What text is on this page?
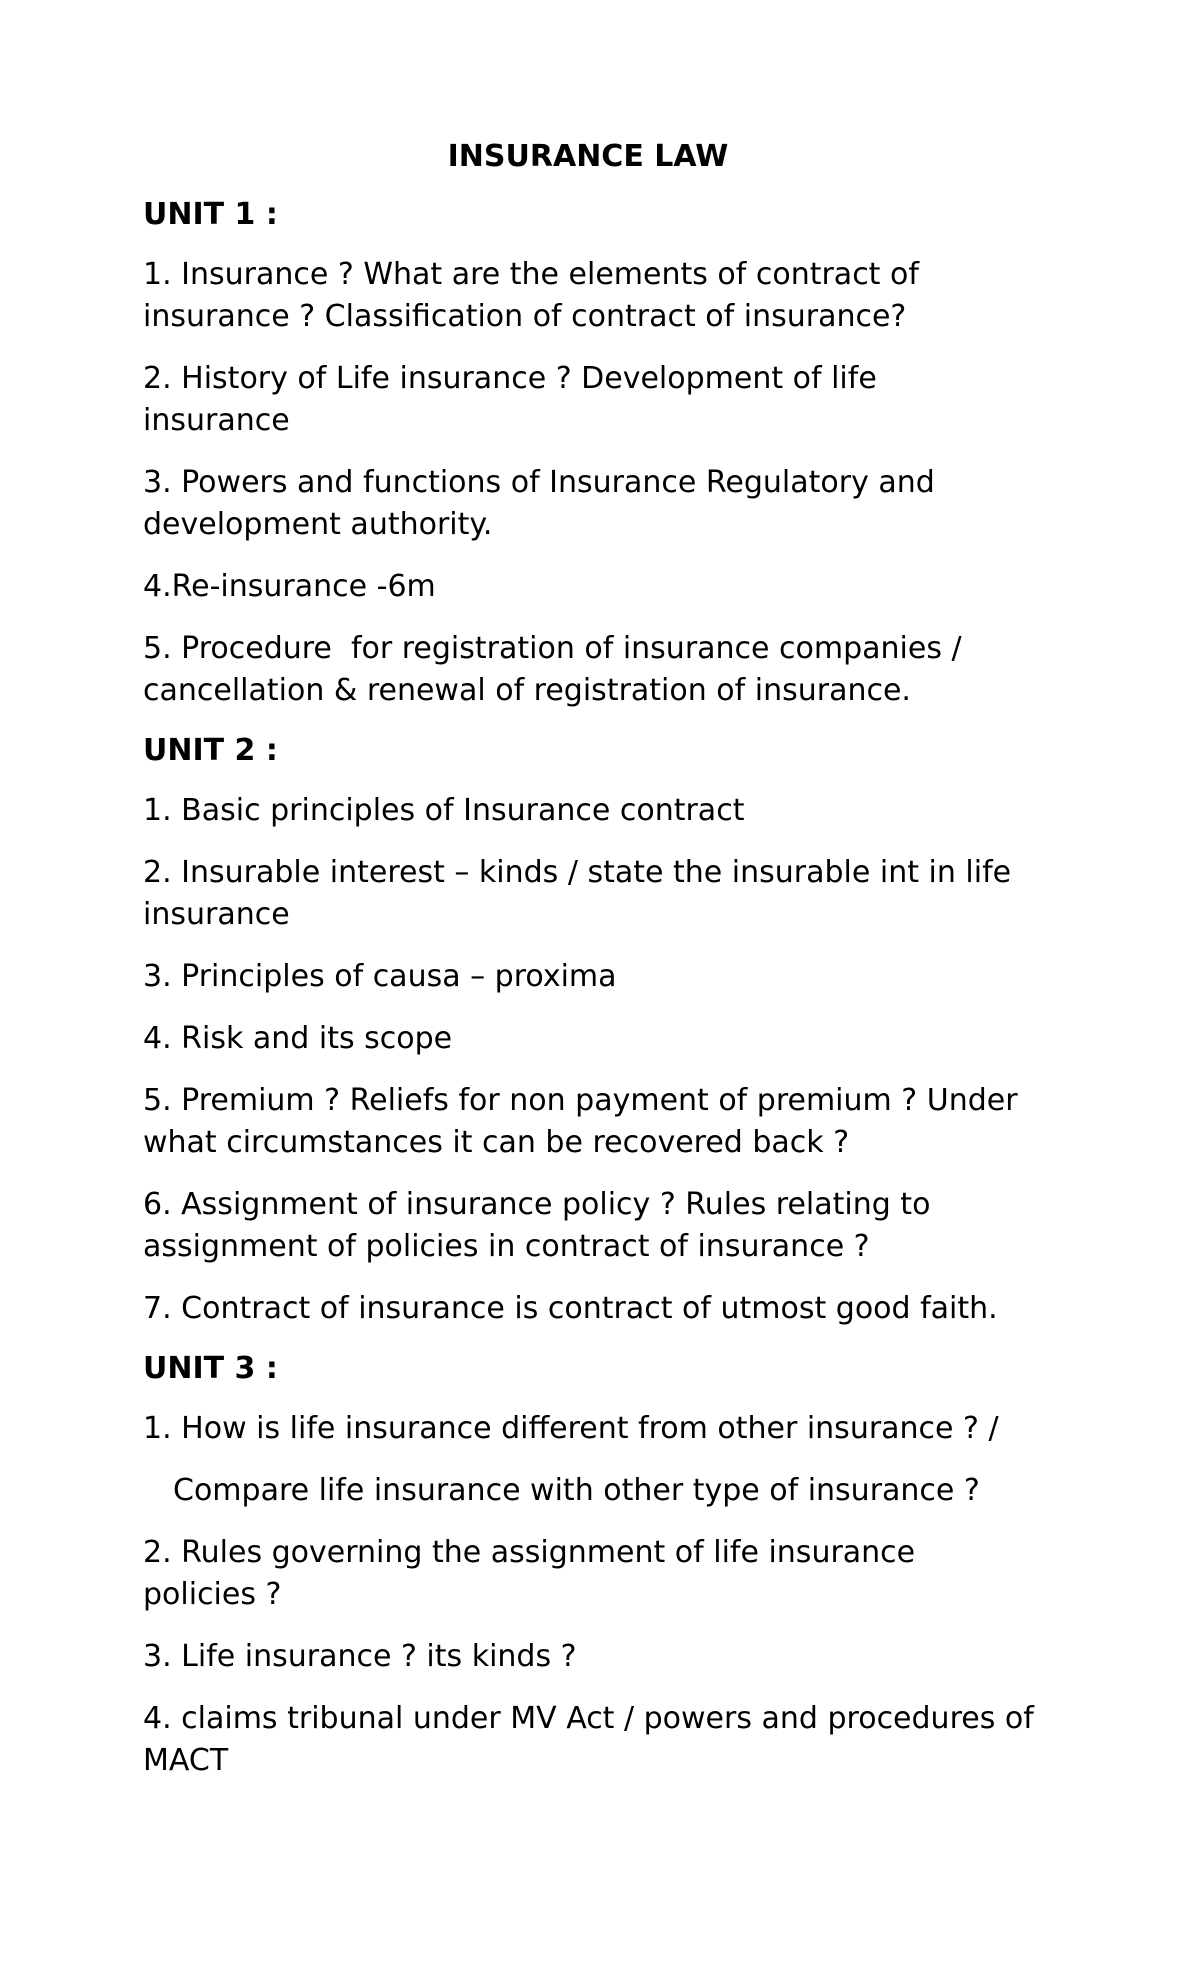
INSURANCE LAW
UNIT 1 :
1. Insurance ? What are the elements of contract of insurance ? Classification of contract of insurance?
2. History of Life insurance ? Development of life insurance
3. Powers and functions of Insurance Regulatory and development authority.
4.Re-insurance -6m
5. Procedure  for registration of insurance companies / cancellation & renewal of registration of insurance.
UNIT 2 :
1. Basic principles of Insurance contract
2. Insurable interest – kinds / state the insurable int in life insurance
3. Principles of causa – proxima
4. Risk and its scope
5. Premium ? Reliefs for non payment of premium ? Under what circumstances it can be recovered back ?
6. Assignment of insurance policy ? Rules relating to assignment of policies in contract of insurance ?
7. Contract of insurance is contract of utmost good faith.
UNIT 3 :
1. How is life insurance different from other insurance ? /
Compare life insurance with other type of insurance ?
2. Rules governing the assignment of life insurance policies ?
3. Life insurance ? its kinds ?
4. claims tribunal under MV Act / powers and procedures of  MACT
